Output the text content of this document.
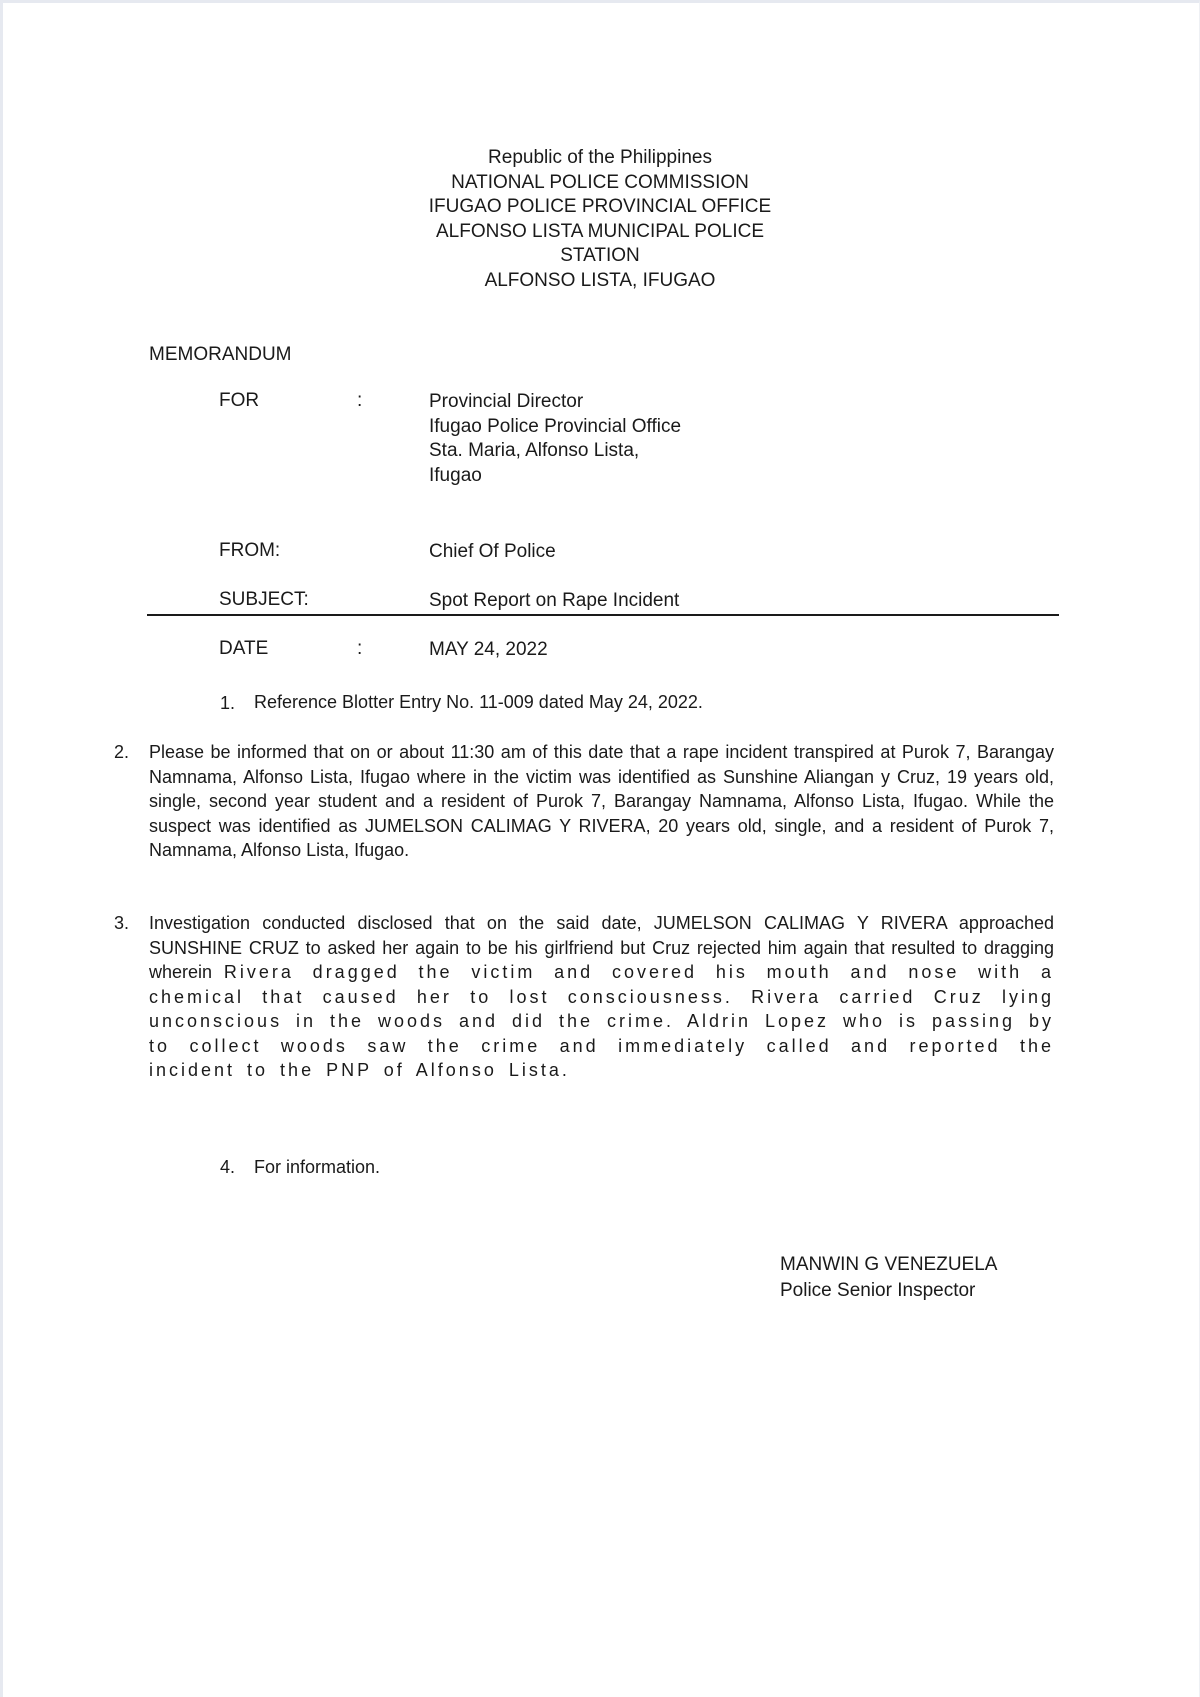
Republic of the Philippines
NATIONAL POLICE COMMISSION
IFUGAO POLICE PROVINCIAL OFFICE
ALFONSO LISTA MUNICIPAL POLICE
STATION
ALFONSO LISTA, IFUGAO
MEMORANDUM
FOR	:	Provincial Director
Ifugao Police Provincial Office
Sta. Maria, Alfonso Lista,
Ifugao
FROM:	Chief Of Police
SUBJECT:	Spot Report on Rape Incident
DATE	:	MAY 24, 2022
1. Reference Blotter Entry No. 11-009 dated May 24, 2022.
2. Please be informed that on or about 11:30 am of this date that a rape incident transpired at Purok 7, Barangay Namnama, Alfonso Lista, Ifugao where in the victim was identified as Sunshine Aliangan y Cruz, 19 years old, single, second year student and a resident of Purok 7, Barangay Namnama, Alfonso Lista, Ifugao. While the suspect was identified as JUMELSON CALIMAG Y RIVERA, 20 years old, single, and a resident of Purok 7, Namnama, Alfonso Lista, Ifugao.
3. Investigation conducted disclosed that on the said date, JUMELSON CALIMAG Y RIVERA approached SUNSHINE CRUZ to asked her again to be his girlfriend but Cruz rejected him again that resulted to dragging wherein Rivera dragged the victim and covered his mouth and nose with a chemical that caused her to lost consciousness. Rivera carried Cruz lying unconscious in the woods and did the crime. Aldrin Lopez who is passing by to collect woods saw the crime and immediately called and reported the incident to the PNP of Alfonso Lista.
4. For information.
MANWIN G VENEZUELA
Police Senior Inspector
